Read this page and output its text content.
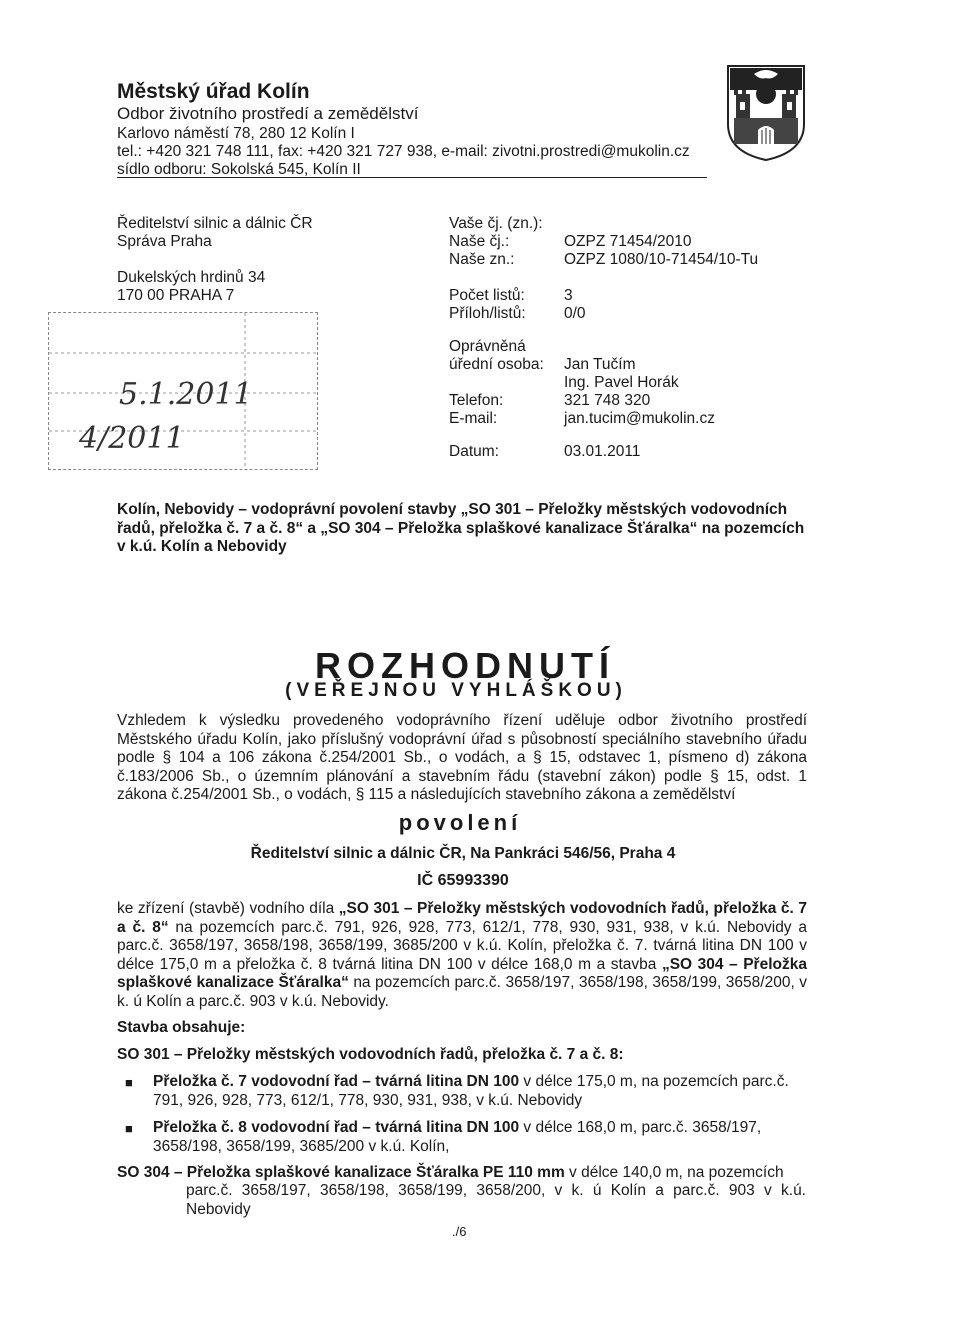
Městský úřad Kolín
Odbor životního prostředí a zemědělství
Karlovo náměstí 78, 280 12 Kolín I
tel.: +420 321 748 111, fax: +420 321 727 938, e-mail: zivotni.prostredi@mukolin.cz
sídlo odboru: Sokolská 545, Kolín II
Ředitelství silnic a dálnic ČR
Správa Praha
Dukelských hrdinů 34
170 00 PRAHA 7
5.1.2011
4/2011
Vaše čj. (zn.):
Naše čj.:	OZPZ 71454/2010
Naše zn.:	OZPZ 1080/10-71454/10-Tu
Počet listů:	3
Příloh/listů: 0/0
Oprávněná
úřední osoba: Jan Tučím
Ing. Pavel Horák
Telefon:	321 748 320
E-mail:	jan.tucim@mukolin.cz
Datum:	03.01.2011
Kolín, Nebovidy – vodoprávní povolení stavby „SO 301 – Přeložky městských vodovodních
řadů, přeložka č. 7 a č. 8“ a „SO 304 – Přeložka splaškové kanalizace Šťáralka“ na pozemcích
v k.ú. Kolín a Nebovidy
ROZHODNUTÍ
(VEŘEJNOU VYHLÁŠKOU)
Vzhledem k výsledku provedeného vodoprávního řízení uděluje odbor životního prostředí Městského úřadu Kolín, jako příslušný vodoprávní úřad s působností speciálního stavebního úřadu podle § 104 a 106 zákona č.254/2001 Sb., o vodách, a § 15, odstavec 1, písmeno d) zákona č.183/2006 Sb., o územním plánování a stavebním řádu (stavební zákon) podle § 15, odst. 1 zákona č.254/2001 Sb., o vodách, § 115 a následujících stavebního zákona a zemědělství
povolení
Ředitelství silnic a dálnic ČR, Na Pankráci 546/56, Praha 4
IČ 65993390
ke zřízení (stavbě) vodního díla „SO 301 – Přeložky městských vodovodních řadů, přeložka č. 7 a č. 8“ na pozemcích parc.č. 791, 926, 928, 773, 612/1, 778, 930, 931, 938, v k.ú. Nebovidy a parc.č. 3658/197, 3658/198, 3658/199, 3685/200 v k.ú. Kolín, přeložka č. 7. tvárná litina DN 100 v délce 175,0 m a přeložka č. 8 tvárná litina DN 100 v délce 168,0 m a stavba „SO 304 – Přeložka splaškové kanalizace Šťáralka“ na pozemcích parc.č. 3658/197, 3658/198, 3658/199, 3658/200, v k. ú Kolín a parc.č. 903 v k.ú. Nebovidy.
Stavba obsahuje:
SO 301 – Přeložky městských vodovodních řadů, přeložka č. 7 a č. 8:
■ Přeložka č. 7 vodovodní řad – tvárná litina DN 100 v délce 175,0 m, na pozemcích parc.č. 791, 926, 928, 773, 612/1, 778, 930, 931, 938, v k.ú. Nebovidy
■ Přeložka č. 8 vodovodní řad – tvárná litina DN 100 v délce 168,0 m, parc.č. 3658/197, 3658/198, 3658/199, 3685/200 v k.ú. Kolín,
SO 304 – Přeložka splaškové kanalizace Šťáralka PE 110 mm v délce 140,0 m, na pozemcích
parc.č. 3658/197, 3658/198, 3658/199, 3658/200, v k. ú Kolín a parc.č. 903 v k.ú. Nebovidy
./6
